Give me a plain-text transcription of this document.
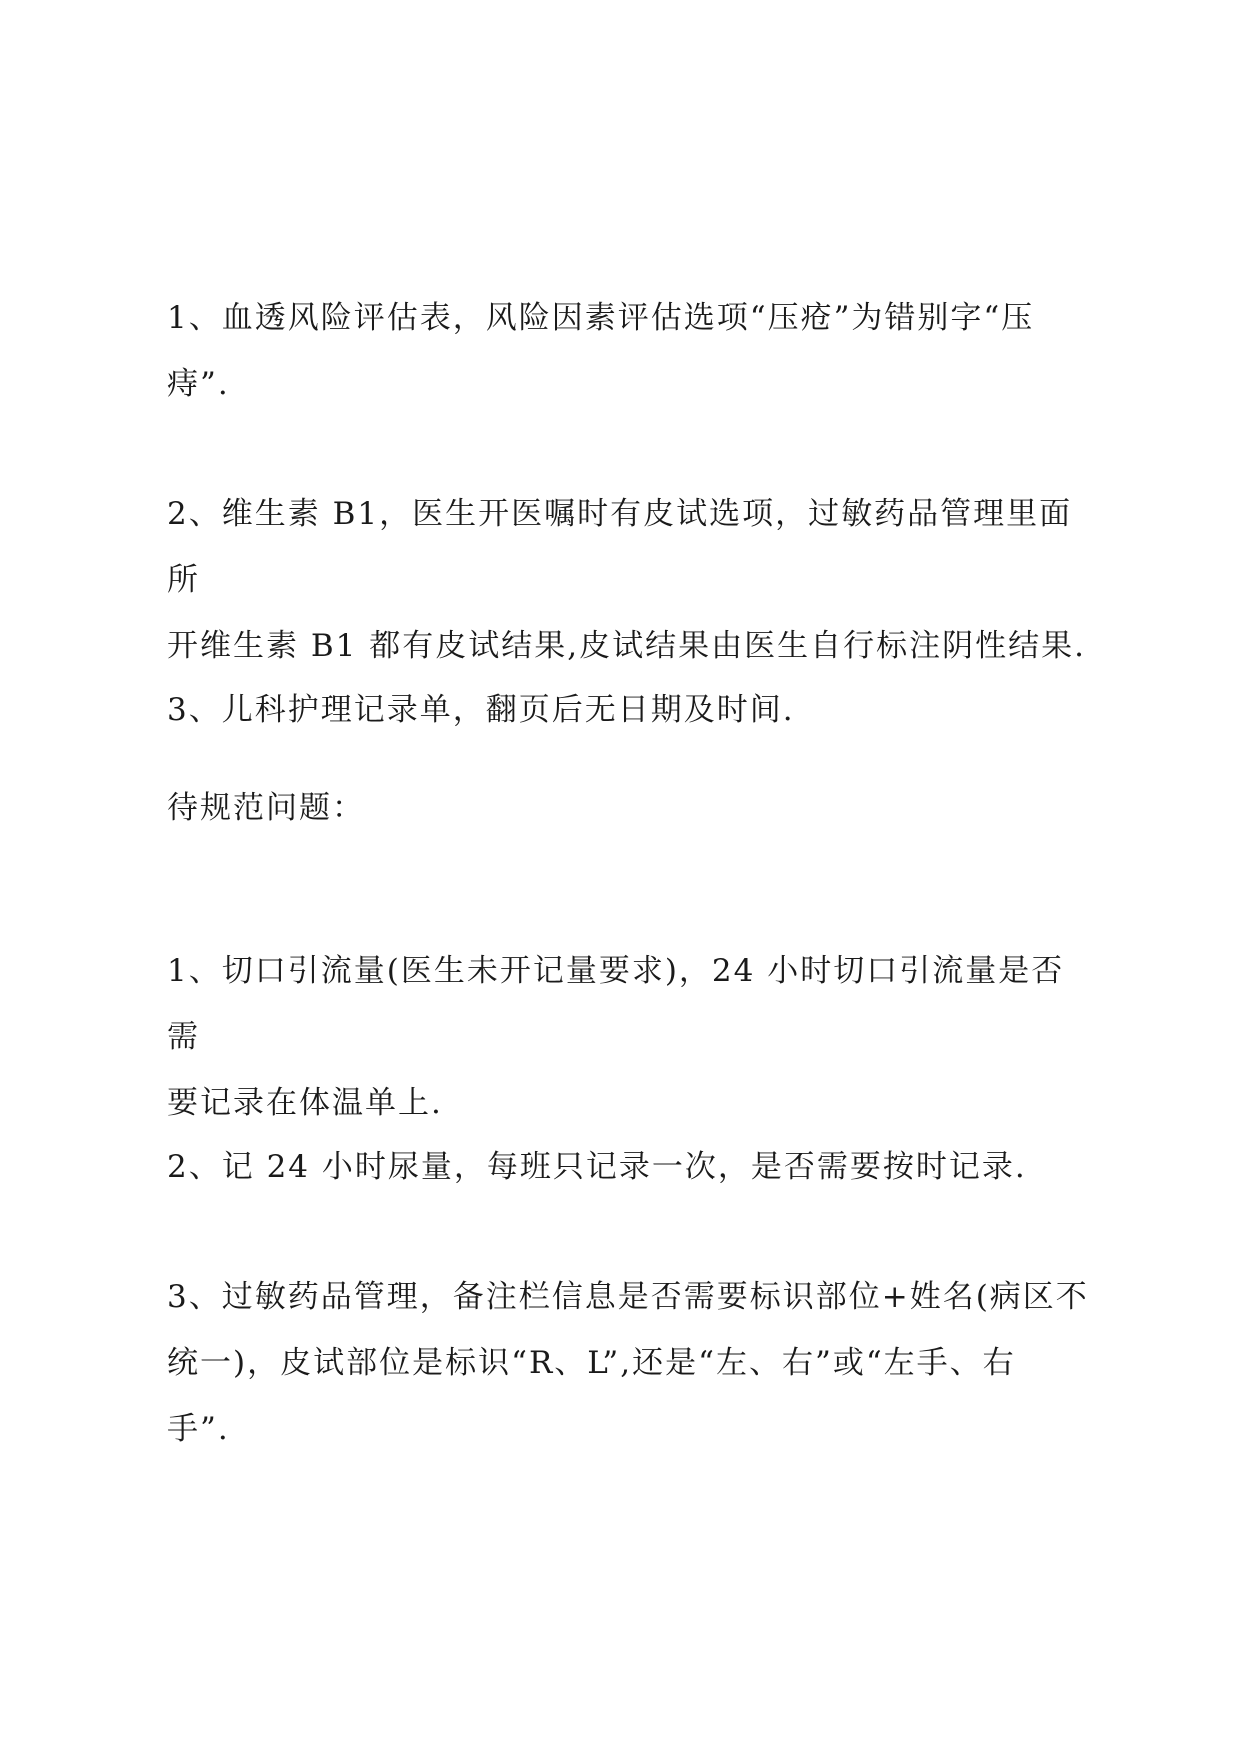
1、血透风险评估表，风险因素评估选项“压疮”为错别字“压
痔”.

2、维生素 B1，医生开医嘱时有皮试选项，过敏药品管理里面所
开维生素 B1 都有皮试结果,皮试结果由医生自行标注阴性结果.

3、儿科护理记录单，翻页后无日期及时间.

待规范问题：

1、切口引流量(医生未开记量要求)，24 小时切口引流量是否需
要记录在体温单上.

2、记 24 小时尿量，每班只记录一次，是否需要按时记录.

3、过敏药品管理，备注栏信息是否需要标识部位+姓名(病区不
统一)，皮试部位是标识“R、L”,还是“左、右”或“左手、右
手”.
